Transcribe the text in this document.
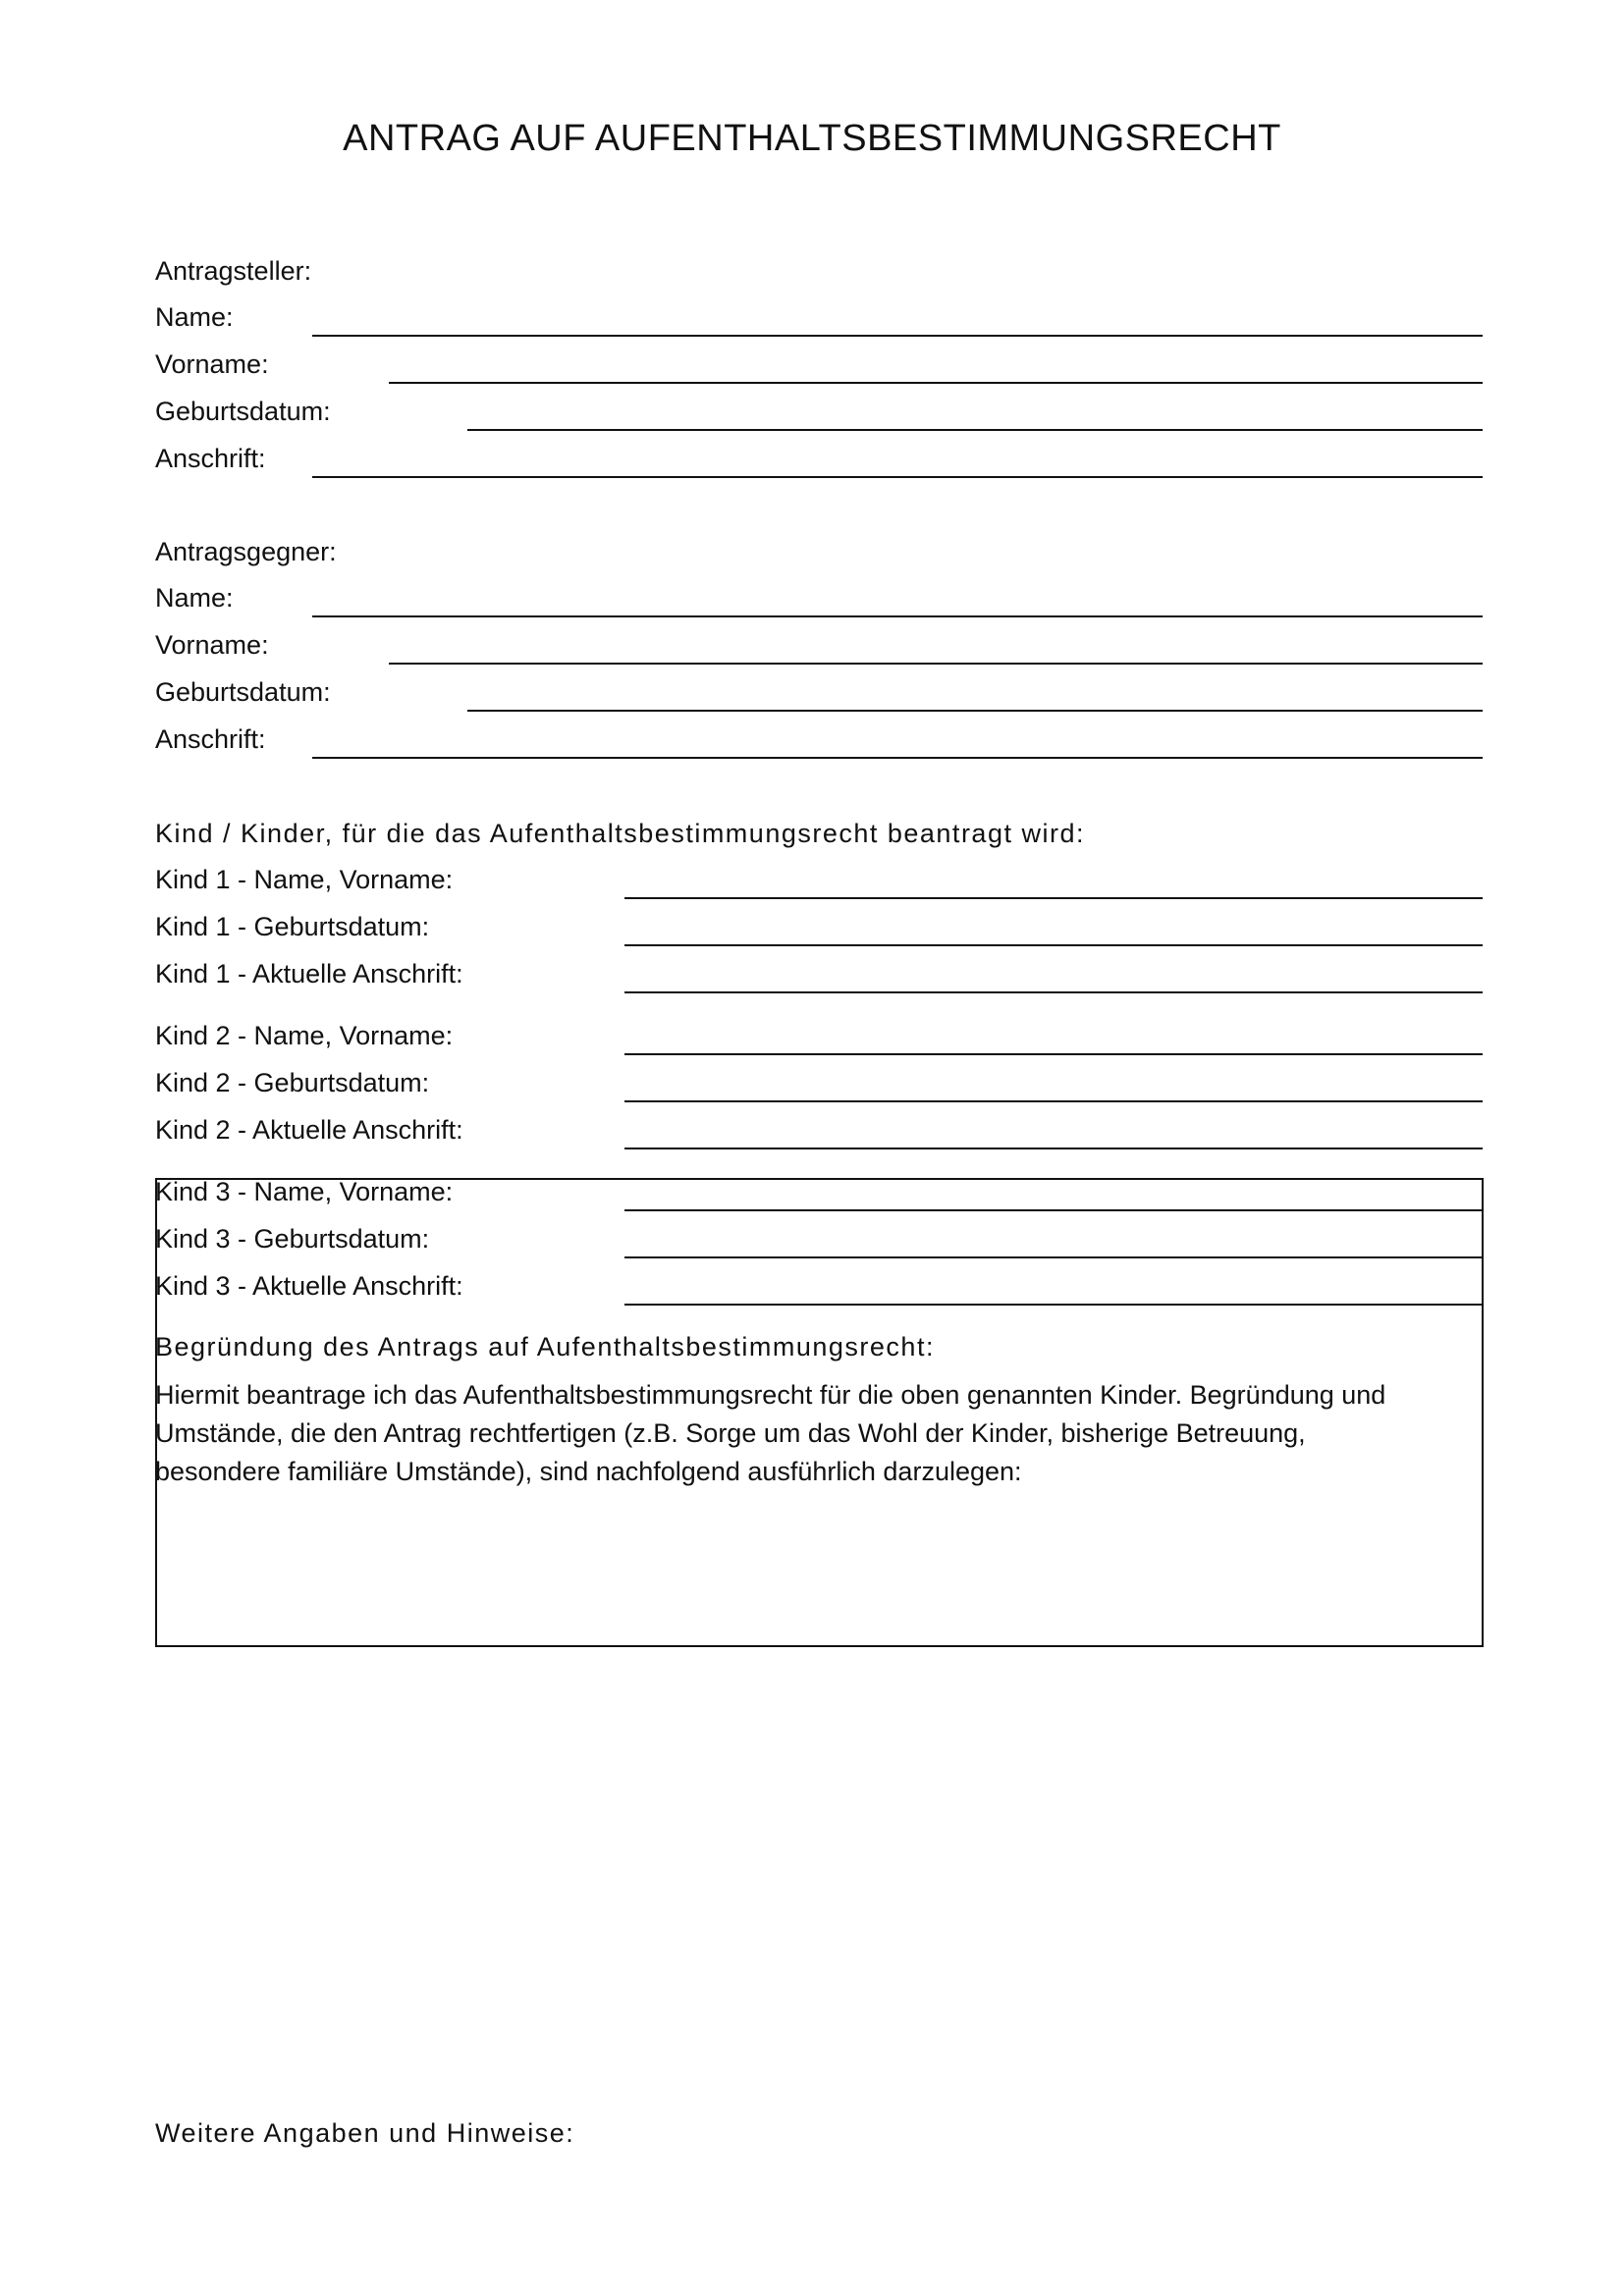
ANTRAG AUF AUFENTHALTSBESTIMMUNGSRECHT
Antragsteller:
Name:
Vorname:
Geburtsdatum:
Anschrift:
Antragsgegner:
Name:
Vorname:
Geburtsdatum:
Anschrift:
Kind / Kinder, für die das Aufenthaltsbestimmungsrecht beantragt wird:
Kind 1 - Name, Vorname:
Kind 1 - Geburtsdatum:
Kind 1 - Aktuelle Anschrift:
Kind 2 - Name, Vorname:
Kind 2 - Geburtsdatum:
Kind 2 - Aktuelle Anschrift:
Kind 3 - Name, Vorname:
Kind 3 - Geburtsdatum:
Kind 3 - Aktuelle Anschrift:
Begründung des Antrags auf Aufenthaltsbestimmungsrecht:
Hiermit beantrage ich das Aufenthaltsbestimmungsrecht für die oben genannten Kinder. Begründung und
Umstände, die den Antrag rechtfertigen (z.B. Sorge um das Wohl der Kinder, bisherige Betreuung,
besondere familiäre Umstände), sind nachfolgend ausführlich darzulegen:
Weitere Angaben und Hinweise:
